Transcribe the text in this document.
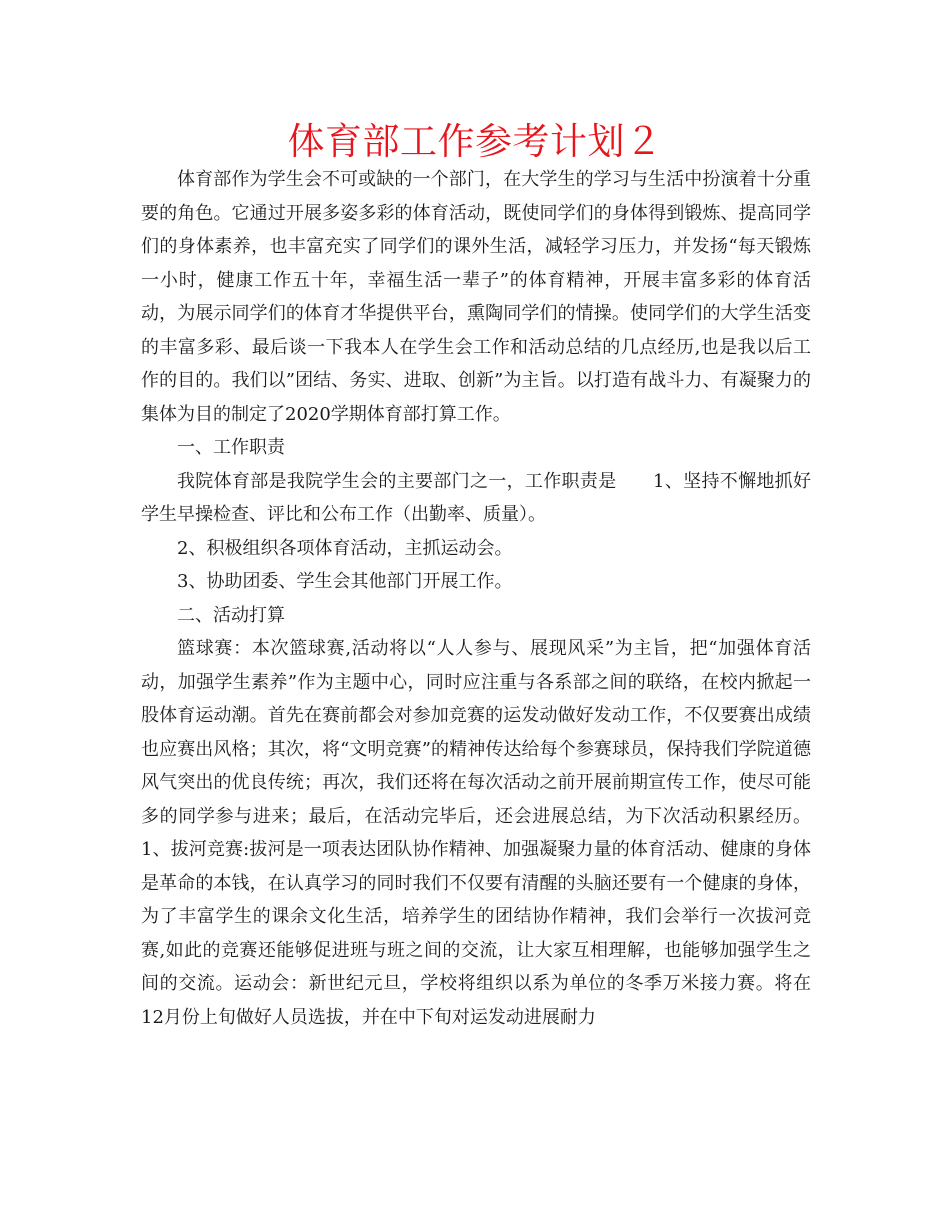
体育部工作参考计划２

体育部作为学生会不可或缺的一个部门，在大学生的学习与生活中扮演着十分重要的角色。它通过开展多姿多彩的体育活动，既使同学们的身体得到锻炼、提高同学们的身体素养，也丰富充实了同学们的课外生活，减轻学习压力，并发扬“每天锻炼一小时，健康工作五十年，幸福生活一辈子”的体育精神，开展丰富多彩的体育活动，为展示同学们的体育才华提供平台，熏陶同学们的情操。使同学们的大学生活变的丰富多彩、最后谈一下我本人在学生会工作和活动总结的几点经历,也是我以后工作的目的。我们以”团结、务实、进取、创新”为主旨。以打造有战斗力、有凝聚力的集体为目的制定了2020学期体育部打算工作。

一、工作职责

我院体育部是我院学生会的主要部门之一，工作职责是　　1、坚持不懈地抓好学生早操检查、评比和公布工作（出勤率、质量）。

2、积极组织各项体育活动，主抓运动会。

3、协助团委、学生会其他部门开展工作。

二、活动打算

篮球赛：本次篮球赛,活动将以“人人参与、展现风采”为主旨，把“加强体育活动，加强学生素养”作为主题中心，同时应注重与各系部之间的联络，在校内掀起一股体育运动潮。首先在赛前都会对参加竞赛的运发动做好发动工作，不仅要赛出成绩也应赛出风格；其次，将“文明竞赛”的精神传达给每个参赛球员，保持我们学院道德风气突出的优良传统；再次，我们还将在每次活动之前开展前期宣传工作，使尽可能多的同学参与进来；最后，在活动完毕后，还会进展总结，为下次活动积累经历。1、拔河竞赛:拔河是一项表达团队协作精神、加强凝聚力量的体育活动、健康的身体是革命的本钱，在认真学习的同时我们不仅要有清醒的头脑还要有一个健康的身体，为了丰富学生的课余文化生活，培养学生的团结协作精神，我们会举行一次拔河竞赛,如此的竞赛还能够促进班与班之间的交流，让大家互相理解，也能够加强学生之间的交流。运动会：新世纪元旦，学校将组织以系为单位的冬季万米接力赛。将在12月份上旬做好人员选拔，并在中下旬对运发动进展耐力
